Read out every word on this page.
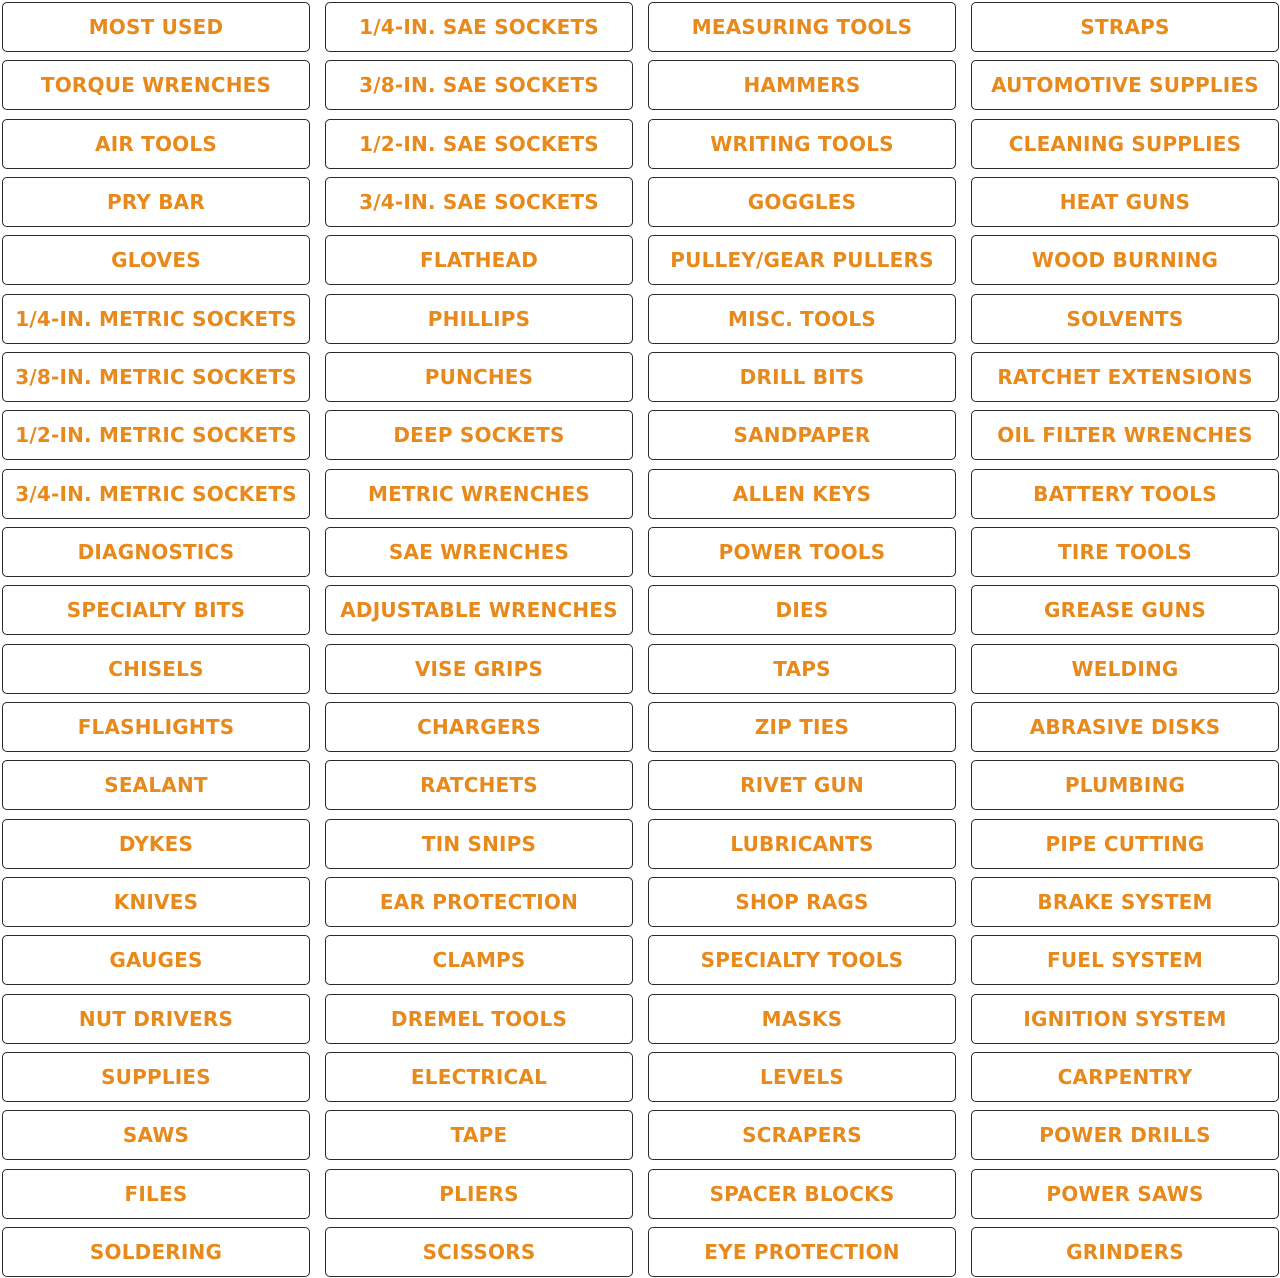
MOST USED	1/4-IN. SAE SOCKETS	MEASURING TOOLS	STRAPS
TORQUE WRENCHES	3/8-IN. SAE SOCKETS	HAMMERS	AUTOMOTIVE SUPPLIES
AIR TOOLS	1/2-IN. SAE SOCKETS	WRITING TOOLS	CLEANING SUPPLIES
PRY BAR	3/4-IN. SAE SOCKETS	GOGGLES	HEAT GUNS
GLOVES	FLATHEAD	PULLEY/GEAR PULLERS	WOOD BURNING
1/4-IN. METRIC SOCKETS	PHILLIPS	MISC. TOOLS	SOLVENTS
3/8-IN. METRIC SOCKETS	PUNCHES	DRILL BITS	RATCHET EXTENSIONS
1/2-IN. METRIC SOCKETS	DEEP SOCKETS	SANDPAPER	OIL FILTER WRENCHES
3/4-IN. METRIC SOCKETS	METRIC WRENCHES	ALLEN KEYS	BATTERY TOOLS
DIAGNOSTICS	SAE WRENCHES	POWER TOOLS	TIRE TOOLS
SPECIALTY BITS	ADJUSTABLE WRENCHES	DIES	GREASE GUNS
CHISELS	VISE GRIPS	TAPS	WELDING
FLASHLIGHTS	CHARGERS	ZIP TIES	ABRASIVE DISKS
SEALANT	RATCHETS	RIVET GUN	PLUMBING
DYKES	TIN SNIPS	LUBRICANTS	PIPE CUTTING
KNIVES	EAR PROTECTION	SHOP RAGS	BRAKE SYSTEM
GAUGES	CLAMPS	SPECIALTY TOOLS	FUEL SYSTEM
NUT DRIVERS	DREMEL TOOLS	MASKS	IGNITION SYSTEM
SUPPLIES	ELECTRICAL	LEVELS	CARPENTRY
SAWS	TAPE	SCRAPERS	POWER DRILLS
FILES	PLIERS	SPACER BLOCKS	POWER SAWS
SOLDERING	SCISSORS	EYE PROTECTION	GRINDERS
